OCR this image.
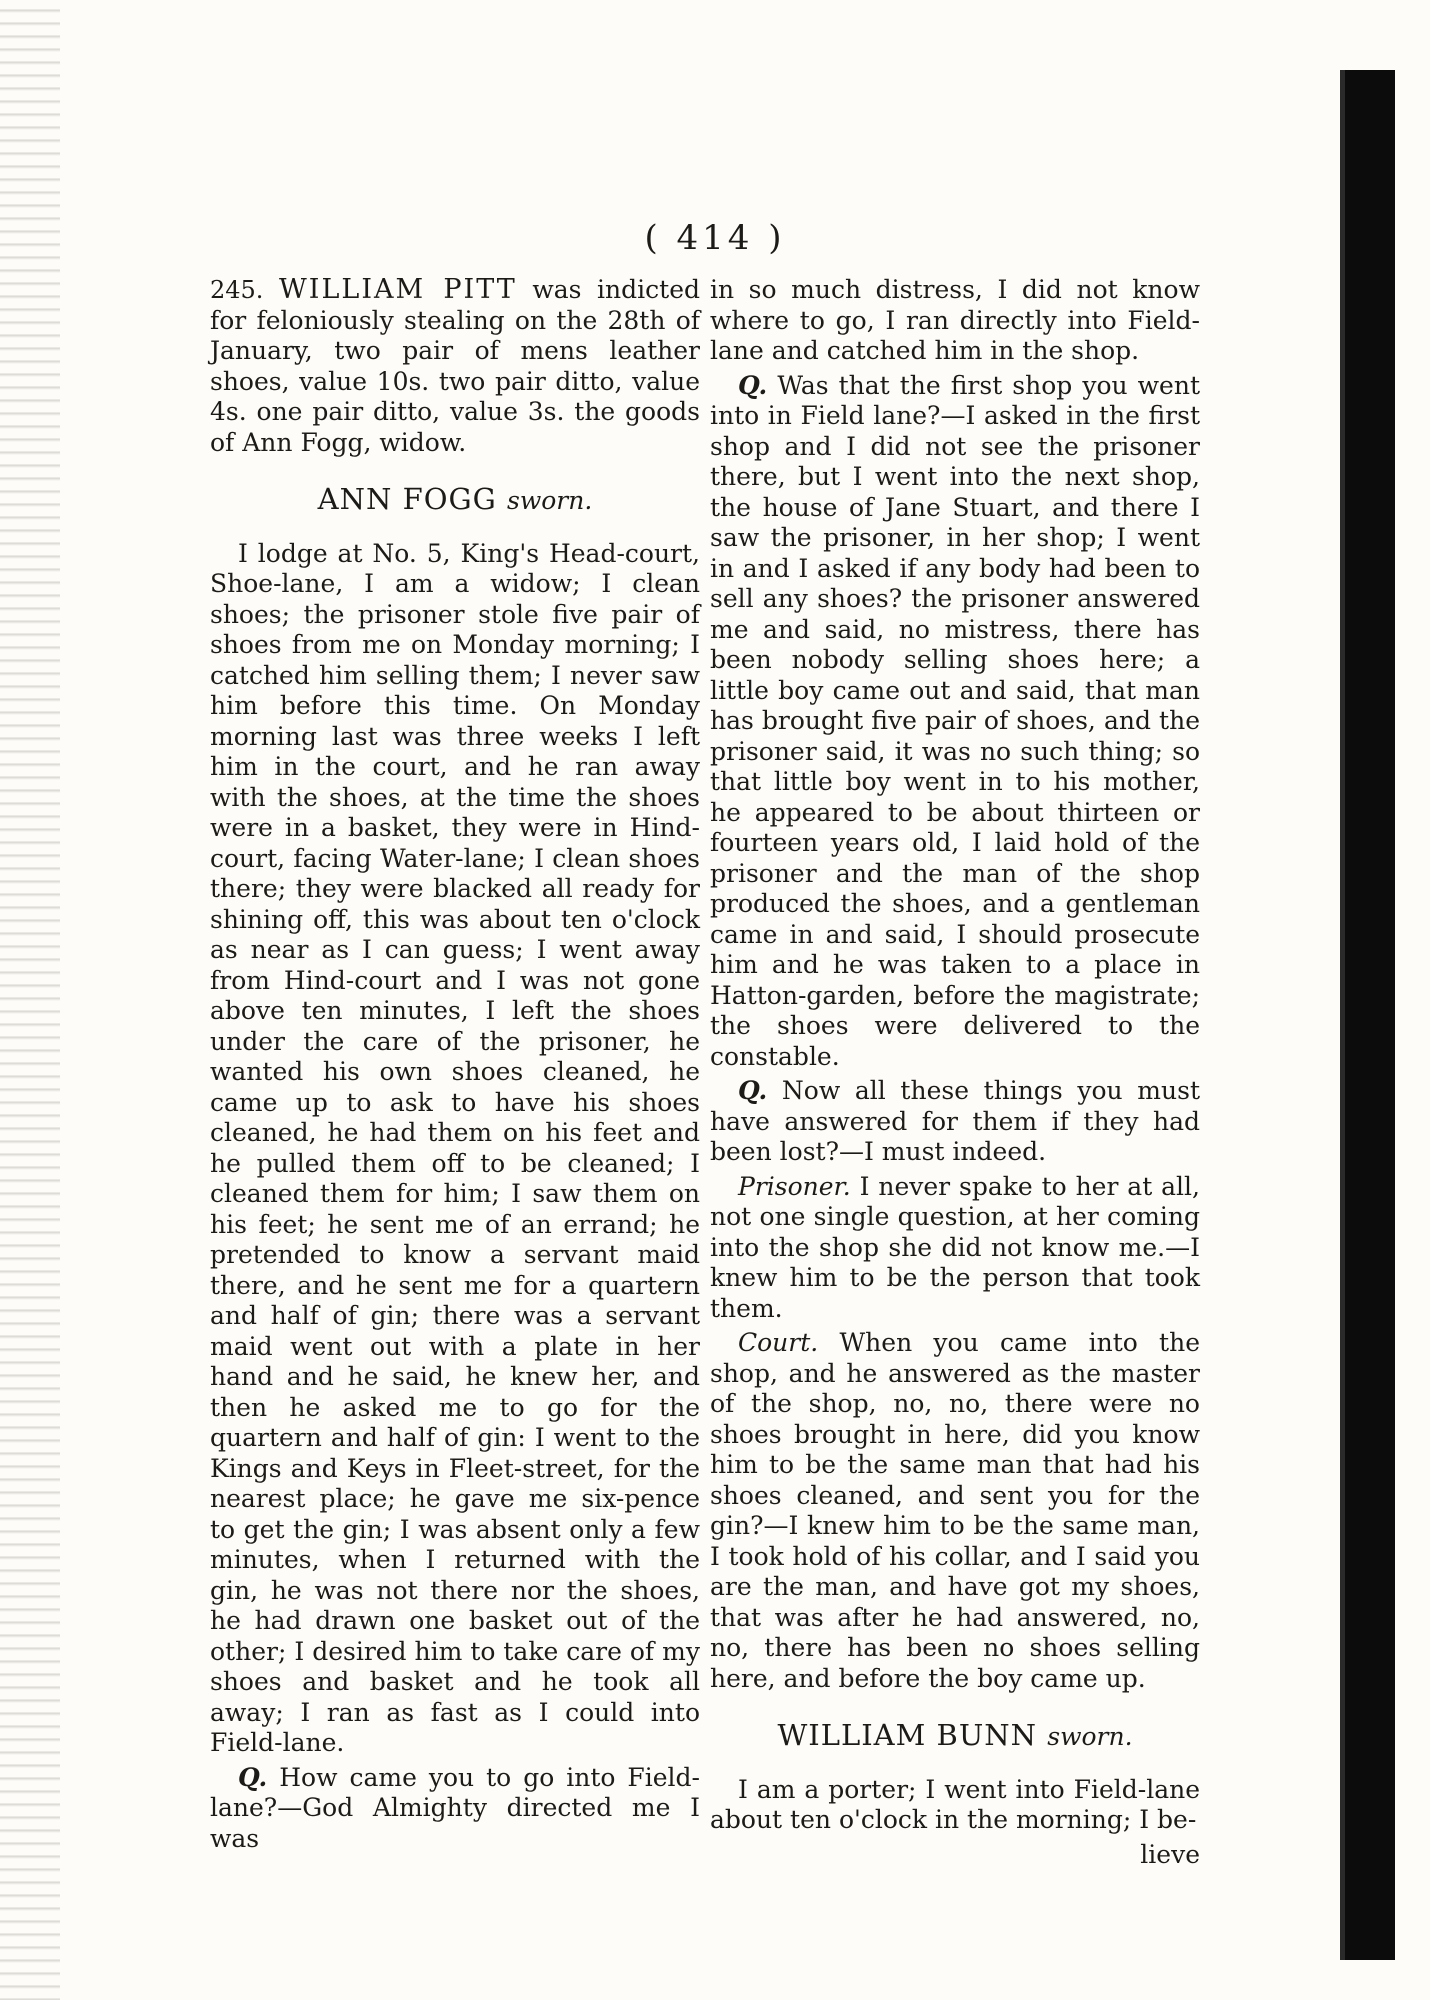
( 414 )

245. WILLIAM PITT was indicted for feloniously stealing on the 28th of January, two pair of mens leather shoes, value 10s. two pair ditto, value 4s. one pair ditto, value 3s. the goods of Ann Fogg, widow.

ANN FOGG sworn.

I lodge at No. 5, King's Head-court, Shoe-lane, I am a widow; I clean shoes; the prisoner stole five pair of shoes from me on Monday morning; I catched him selling them; I never saw him before this time. On Monday morning last was three weeks I left him in the court, and he ran away with the shoes, at the time the shoes were in a basket, they were in Hind-court, facing Water-lane; I clean shoes there; they were blacked all ready for shining off, this was about ten o'clock as near as I can guess; I went away from Hind-court and I was not gone above ten minutes, I left the shoes under the care of the prisoner, he wanted his own shoes cleaned, he came up to ask to have his shoes cleaned, he had them on his feet and he pulled them off to be cleaned; I cleaned them for him; I saw them on his feet; he sent me of an errand; he pretended to know a servant maid there, and he sent me for a quartern and half of gin; there was a servant maid went out with a plate in her hand and he said, he knew her, and then he asked me to go for the quartern and half of gin: I went to the Kings and Keys in Fleet-street, for the nearest place; he gave me six-pence to get the gin; I was absent only a few minutes, when I returned with the gin, he was not there nor the shoes, he had drawn one basket out of the other; I desired him to take care of my shoes and basket and he took all away; I ran as fast as I could into Field-lane.

Q. How came you to go into Field-lane?—God Almighty directed me I was

in so much distress, I did not know where to go, I ran directly into Field-lane and catched him in the shop.

Q. Was that the first shop you went into in Field lane?—I asked in the first shop and I did not see the prisoner there, but I went into the next shop, the house of Jane Stuart, and there I saw the prisoner, in her shop; I went in and I asked if any body had been to sell any shoes? the prisoner answered me and said, no mistress, there has been nobody selling shoes here; a little boy came out and said, that man has brought five pair of shoes, and the prisoner said, it was no such thing; so that little boy went in to his mother, he appeared to be about thirteen or fourteen years old, I laid hold of the prisoner and the man of the shop produced the shoes, and a gentleman came in and said, I should prosecute him and he was taken to a place in Hatton-garden, before the magistrate; the shoes were delivered to the constable.

Q. Now all these things you must have answered for them if they had been lost?—I must indeed.

Prisoner. I never spake to her at all, not one single question, at her coming into the shop she did not know me.—I knew him to be the person that took them.

Court. When you came into the shop, and he answered as the master of the shop, no, no, there were no shoes brought in here, did you know him to be the same man that had his shoes cleaned, and sent you for the gin?—I knew him to be the same man, I took hold of his collar, and I said you are the man, and have got my shoes, that was after he had answered, no, no, there has been no shoes selling here, and before the boy came up.

WILLIAM BUNN sworn.

I am a porter; I went into Field-lane about ten o'clock in the morning; I be-

lieve
